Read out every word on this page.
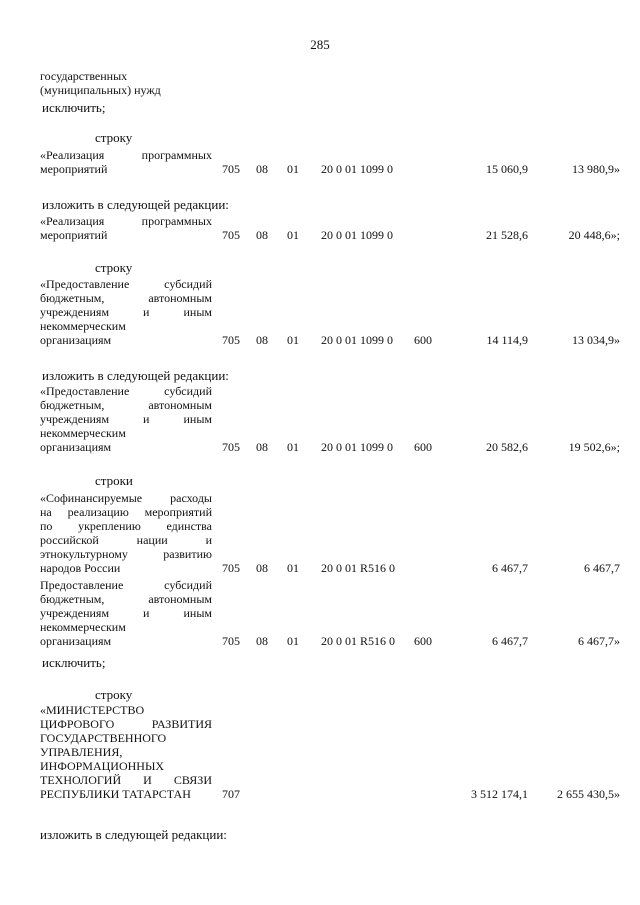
285
государственных
(муниципальных) нужд
исключить;
строку
«Реализация программных
мероприятий	705	08	01	20 0 01 1099 0	15 060,9	13 980,9»
изложить в следующей редакции:
«Реализация программных
мероприятий	705	08	01	20 0 01 1099 0	21 528,6	20 448,6»;
строку
«Предоставление субсидий
бюджетным, автономным
учреждениям и иным
некоммерческим
организациям	705	08	01	20 0 01 1099 0	600	14 114,9	13 034,9»
изложить в следующей редакции:
«Предоставление субсидий
бюджетным, автономным
учреждениям и иным
некоммерческим
организациям	705	08	01	20 0 01 1099 0	600	20 582,6	19 502,6»;
строки
«Софинансируемые расходы
на реализацию мероприятий
по укреплению единства
российской нации и
этнокультурному развитию
народов России	705	08	01	20 0 01 R516 0	6 467,7	6 467,7
Предоставление субсидий
бюджетным, автономным
учреждениям и иным
некоммерческим
организациям	705	08	01	20 0 01 R516 0	600	6 467,7	6 467,7»
исключить;
строку
«МИНИСТЕРСТВО
ЦИФРОВОГО РАЗВИТИЯ
ГОСУДАРСТВЕННОГО
УПРАВЛЕНИЯ,
ИНФОРМАЦИОННЫХ
ТЕХНОЛОГИЙ И СВЯЗИ
РЕСПУБЛИКИ ТАТАРСТАН	707	3 512 174,1	2 655 430,5»
изложить в следующей редакции:
